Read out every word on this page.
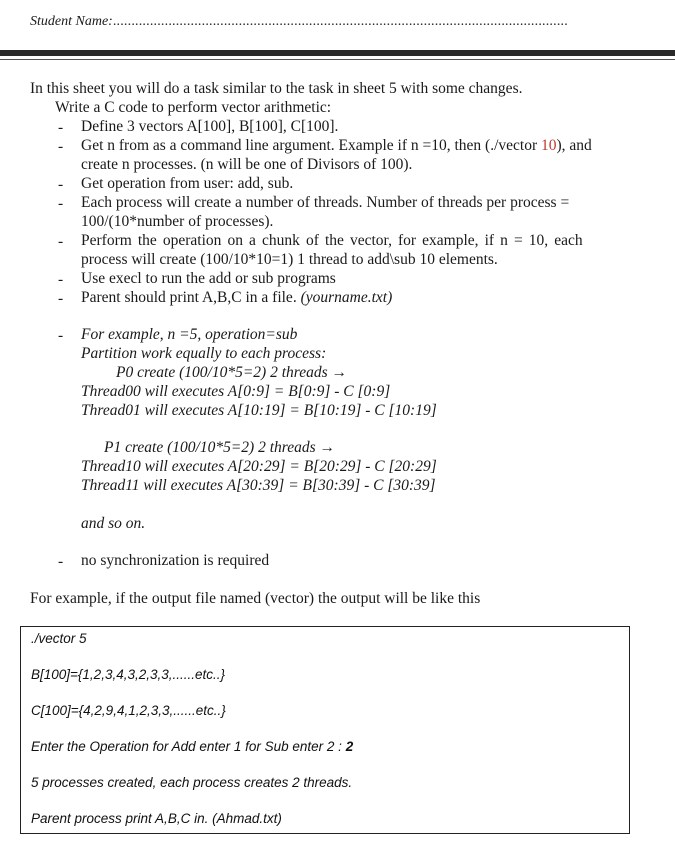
Student Name:...........................................................................................................................
In this sheet you will do a task similar to the task in sheet 5 with some changes.
Write a C code to perform vector arithmetic:
- Define 3 vectors A[100], B[100], C[100].
- Get n from as a command line argument. Example if n =10, then (./vector 10), and
create n processes. (n will be one of Divisors of 100).
- Get operation from user: add, sub.
- Each process will create a number of threads. Number of threads per process =
100/(10*number of processes).
- Perform the operation on a chunk of the vector, for example, if n = 10, each
process will create (100/10*10=1) 1 thread to add\sub 10 elements.
- Use execl to run the add or sub programs
- Parent should print A,B,C in a file. (yourname.txt)
- For example, n =5, operation=sub
Partition work equally to each process:
P0 create (100/10*5=2) 2 threads →
Thread00 will executes A[0:9] = B[0:9] - C [0:9]
Thread01 will executes A[10:19] = B[10:19] - C [10:19]
P1 create (100/10*5=2) 2 threads →
Thread10 will executes A[20:29] = B[20:29] - C [20:29]
Thread11 will executes A[30:39] = B[30:39] - C [30:39]
and so on.
- no synchronization is required
For example, if the output file named (vector) the output will be like this
./vector 5
B[100]={1,2,3,4,3,2,3,3,......etc..}
C[100]={4,2,9,4,1,2,3,3,......etc..}
Enter the Operation for Add enter 1 for Sub enter 2 : 2
5 processes created, each process creates 2 threads.
Parent process print A,B,C in. (Ahmad.txt)
